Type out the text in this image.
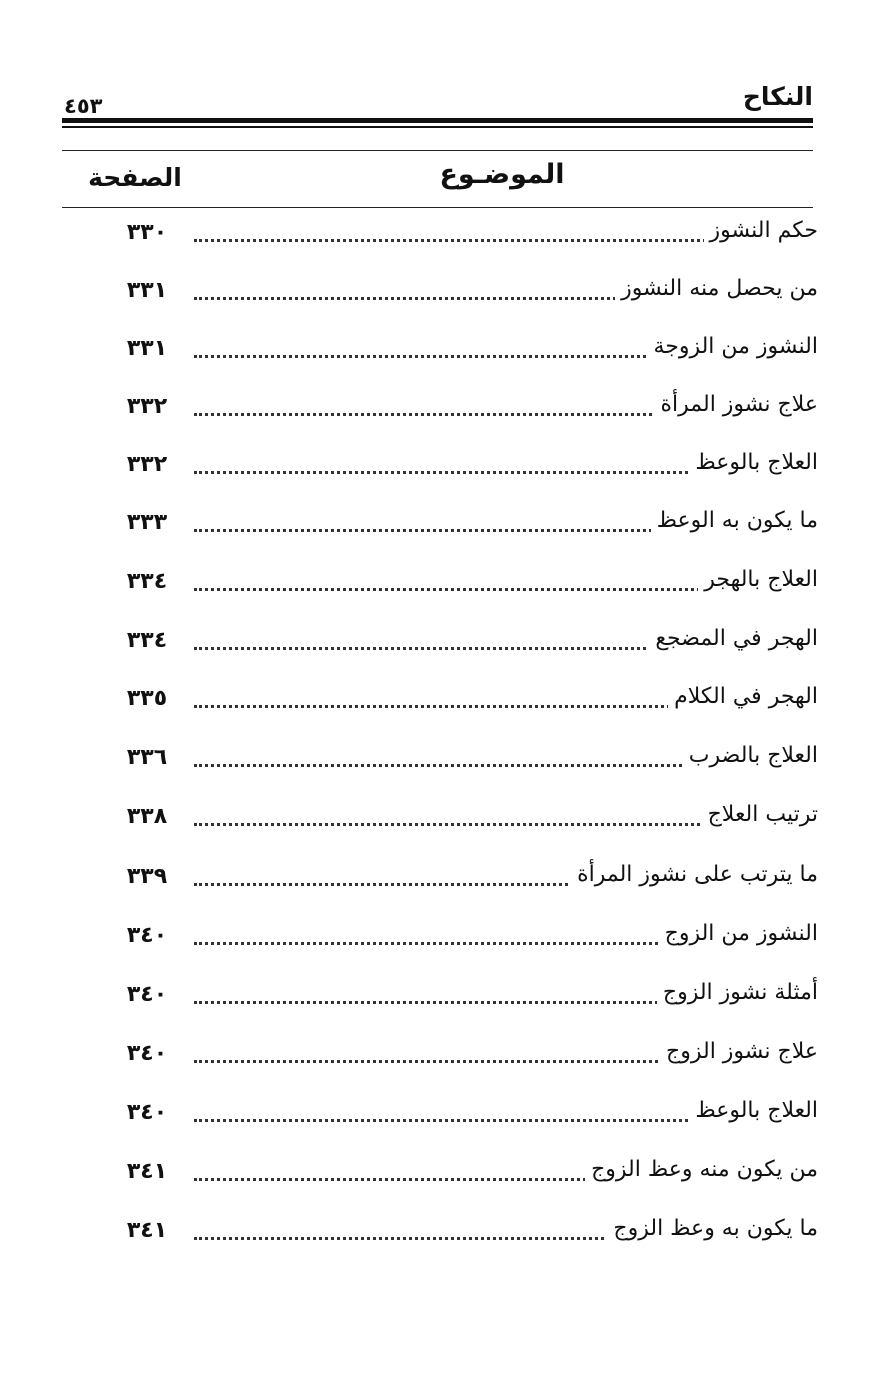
النكاح
٤٥٣
الموضـوع
الصفحة
حكم النشوز
٣٣٠
من يحصل منه النشوز
٣٣١
النشوز من الزوجة
٣٣١
علاج نشوز المرأة
٣٣٢
العلاج بالوعظ
٣٣٢
ما يكون به الوعظ
٣٣٣
العلاج بالهجر
٣٣٤
الهجر في المضجع
٣٣٤
الهجر في الكلام
٣٣٥
العلاج بالضرب
٣٣٦
ترتيب العلاج
٣٣٨
ما يترتب على نشوز المرأة
٣٣٩
النشوز من الزوج
٣٤٠
أمثلة نشوز الزوج
٣٤٠
علاج نشوز الزوج
٣٤٠
العلاج بالوعظ
٣٤٠
من يكون منه وعظ الزوج
٣٤١
ما يكون به وعظ الزوج
٣٤١
